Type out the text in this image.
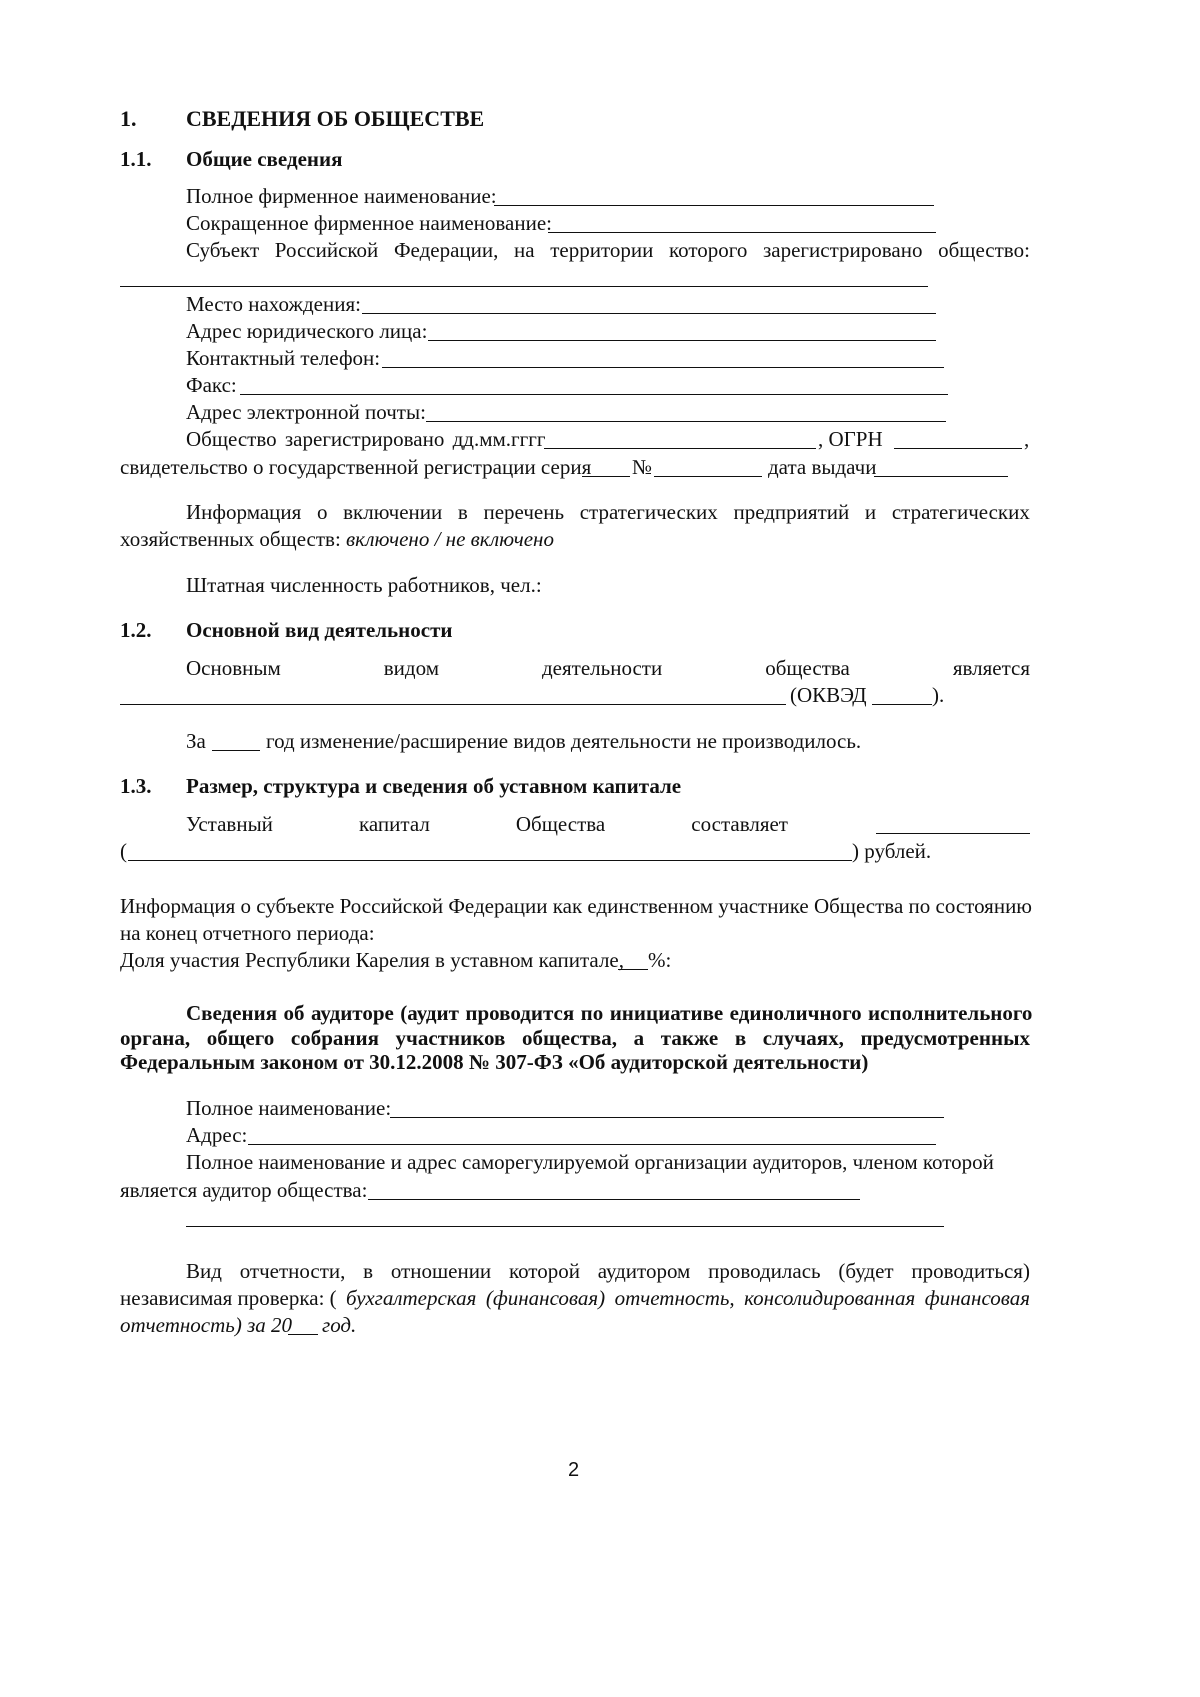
1. СВЕДЕНИЯ ОБ ОБЩЕСТВЕ
1.1. Общие сведения
Полное фирменное наименование:
Сокращенное фирменное наименование:
Субъект Российской Федерации, на территории которого зарегистрировано общество:
Место нахождения:
Адрес юридического лица:
Контактный телефон:
Факс:
Адрес электронной почты:
Общество зарегистрировано дд.мм.гггг	, ОГРН	,
свидетельство о государственной регистрации серия №	дата выдачи
Информация о включении в перечень стратегических предприятий и стратегических
хозяйственных обществ: включено / не включено
Штатная численность работников, чел.:
1.2. Основной вид деятельности
Основным	видом	деятельности	общества	является
(ОКВЭД	).
За	год изменение/расширение видов деятельности не производилось.
1.3. Размер, структура и сведения об уставном капитале
Уставный	капитал	Общества	составляет
(	) рублей.
Информация о субъекте Российской Федерации как единственном участнике Общества по состоянию
на конец отчетного периода:
Доля участия Республики Карелия в уставном капитале, %:
Сведения об аудиторе (аудит проводится по инициативе единоличного исполнительного
органа, общего собрания участников общества, а также в случаях, предусмотренных
Федеральным законом от 30.12.2008 № 307-ФЗ «Об аудиторской деятельности)
Полное наименование:
Адрес:
Полное наименование и адрес саморегулируемой организации аудиторов, членом которой
является аудитор общества:
Вид отчетности, в отношении которой аудитором проводилась (будет проводиться)
независимая проверка: ( бухгалтерская (финансовая) отчетность, консолидированная финансовая
отчетность) за 20 год.
2
